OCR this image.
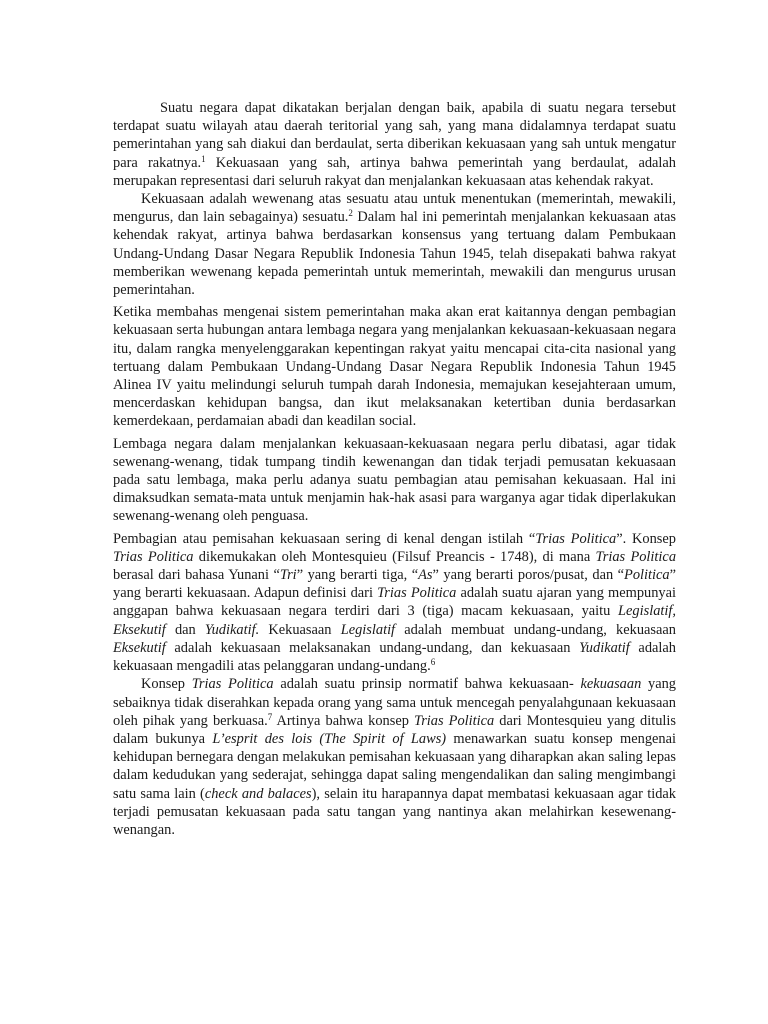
Suatu negara dapat dikatakan berjalan dengan baik, apabila di suatu negara tersebut terdapat suatu wilayah atau daerah teritorial yang sah, yang mana didalamnya terdapat suatu pemerintahan yang sah diakui dan berdaulat, serta diberikan kekuasaan yang sah untuk mengatur para rakatnya.$^1$ Kekuasaan yang sah, artinya bahwa pemerintah yang berdaulat, adalah merupakan representasi dari seluruh rakyat dan menjalankan kekuasaan atas kehendak rakyat.

Kekuasaan adalah wewenang atas sesuatu atau untuk menentukan (memerintah, mewakili, mengurus, dan lain sebagainya) sesuatu.$^2$ Dalam hal ini pemerintah menjalankan kekuasaan atas kehendak rakyat, artinya bahwa berdasarkan konsensus yang tertuang dalam Pembukaan Undang-Undang Dasar Negara Republik Indonesia Tahun 1945, telah disepakati bahwa rakyat memberikan wewenang kepada pemerintah untuk memerintah, mewakili dan mengurus urusan pemerintahan.

Ketika membahas mengenai sistem pemerintahan maka akan erat kaitannya dengan pembagian kekuasaan serta hubungan antara lembaga negara yang menjalankan kekuasaan-kekuasaan negara itu, dalam rangka menyelenggarakan kepentingan rakyat yaitu mencapai cita-cita nasional yang tertuang dalam Pembukaan Undang-Undang Dasar Negara Republik Indonesia Tahun 1945 Alinea IV yaitu melindungi seluruh tumpah darah Indonesia, memajukan kesejahteraan umum, mencerdaskan kehidupan bangsa, dan ikut melaksanakan ketertiban dunia berdasarkan kemerdekaan, perdamaian abadi dan keadilan social.

Lembaga negara dalam menjalankan kekuasaan-kekuasaan negara perlu dibatasi, agar tidak sewenang-wenang, tidak tumpang tindih kewenangan dan tidak terjadi pemusatan kekuasaan pada satu lembaga, maka perlu adanya suatu pembagian atau pemisahan kekuasaan. Hal ini dimaksudkan semata-mata untuk menjamin hak-hak asasi para warganya agar tidak diperlakukan sewenang-wenang oleh penguasa.

Pembagian atau pemisahan kekuasaan sering di kenal dengan istilah “Trias Politica”. Konsep Trias Politica dikemukakan oleh Montesquieu (Filsuf Preancis - 1748), di mana Trias Politica berasal dari bahasa Yunani “Tri” yang berarti tiga, “As” yang berarti poros/pusat, dan “Politica” yang berarti kekuasaan. Adapun definisi dari Trias Politica adalah suatu ajaran yang mempunyai anggapan bahwa kekuasaan negara terdiri dari 3 (tiga) macam kekuasaan, yaitu Legislatif, Eksekutif dan Yudikatif. Kekuasaan Legislatif adalah membuat undang-undang, kekuasaan Eksekutif adalah kekuasaan melaksanakan undang-undang, dan kekuasaan Yudikatif adalah kekuasaan mengadili atas pelanggaran undang-undang.$^6$

Konsep Trias Politica adalah suatu prinsip normatif bahwa kekuasaan- kekuasaan yang sebaiknya tidak diserahkan kepada orang yang sama untuk mencegah penyalahgunaan kekuasaan oleh pihak yang berkuasa.$^7$ Artinya bahwa konsep Trias Politica dari Montesquieu yang ditulis dalam bukunya L’esprit des lois (The Spirit of Laws) menawarkan suatu konsep mengenai kehidupan bernegara dengan melakukan pemisahan kekuasaan yang diharapkan akan saling lepas dalam kedudukan yang sederajat, sehingga dapat saling mengendalikan dan saling mengimbangi satu sama lain (check and balaces), selain itu harapannya dapat membatasi kekuasaan agar tidak terjadi pemusatan kekuasaan pada satu tangan yang nantinya akan melahirkan kesewenang- wenangan.
